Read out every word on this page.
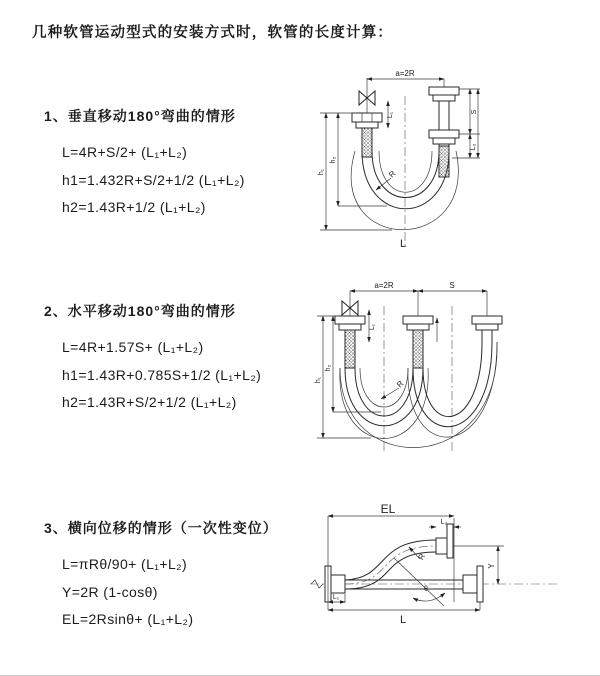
几种软管运动型式的安装方式时，软管的长度计算：
1、垂直移动180°弯曲的情形
L=4R+S/2+ (L₁+L₂)
h1=1.432R+S/2+1/2 (L₁+L₂)
h2=1.43R+1/2 (L₁+L₂)
2、水平移动180°弯曲的情形
L=4R+1.57S+ (L₁+L₂)
h1=1.43R+0.785S+1/2 (L₁+L₂)
h2=1.43R+S/2+1/2 (L₁+L₂)
3、横向位移的情形（一次性变位）
L=πRθ/90+ (L₁+L₂)
Y=2R (1-cosθ)
EL=2Rsinθ+ (L₁+L₂)
a=2R
h₁
h₂
S
L₂
L₁
R
L
a=2R	S
h₁
h₂
L₁
R
θ
EL
L₂
Y
L₁
L
R
